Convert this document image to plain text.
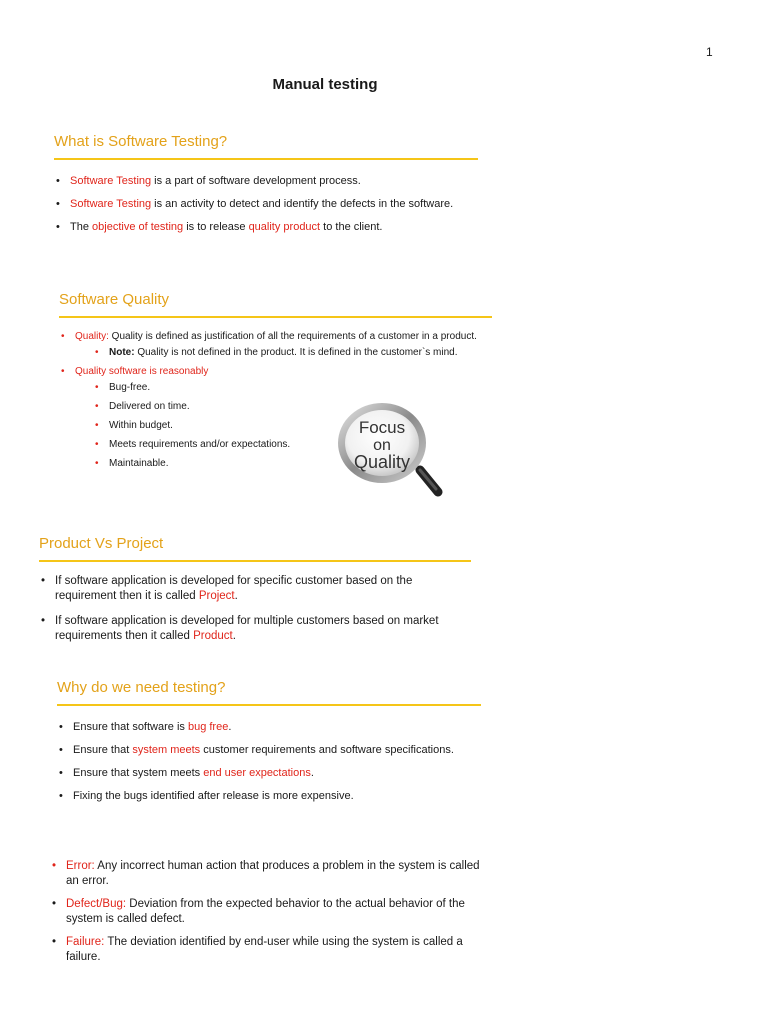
1
Manual testing
What is Software Testing?
• Software Testing is a part of software development process.
• Software Testing is an activity to detect and identify the defects in the software.
• The objective of testing is to release quality product to the client.
Software Quality
• Quality: Quality is defined as justification of all the requirements of a customer in a product.
• Note: Quality is not defined in the product. It is defined in the customer`s mind.
• Quality software is reasonably
• Bug-free.
• Delivered on time.
• Within budget.
• Meets requirements and/or expectations.
• Maintainable.
Focus
on
Quality
Product Vs Project
• If software application is developed for specific customer based on the requirement then it is called Project.
• If software application is developed for multiple customers based on market requirements then it called Product.
Why do we need testing?
• Ensure that software is bug free.
• Ensure that system meets customer requirements and software specifications.
• Ensure that system meets end user expectations.
• Fixing the bugs identified after release is more expensive.
• Error: Any incorrect human action that produces a problem in the system is called an error.
• Defect/Bug: Deviation from the expected behavior to the actual behavior of the system is called defect.
• Failure: The deviation identified by end-user while using the system is called a failure.
